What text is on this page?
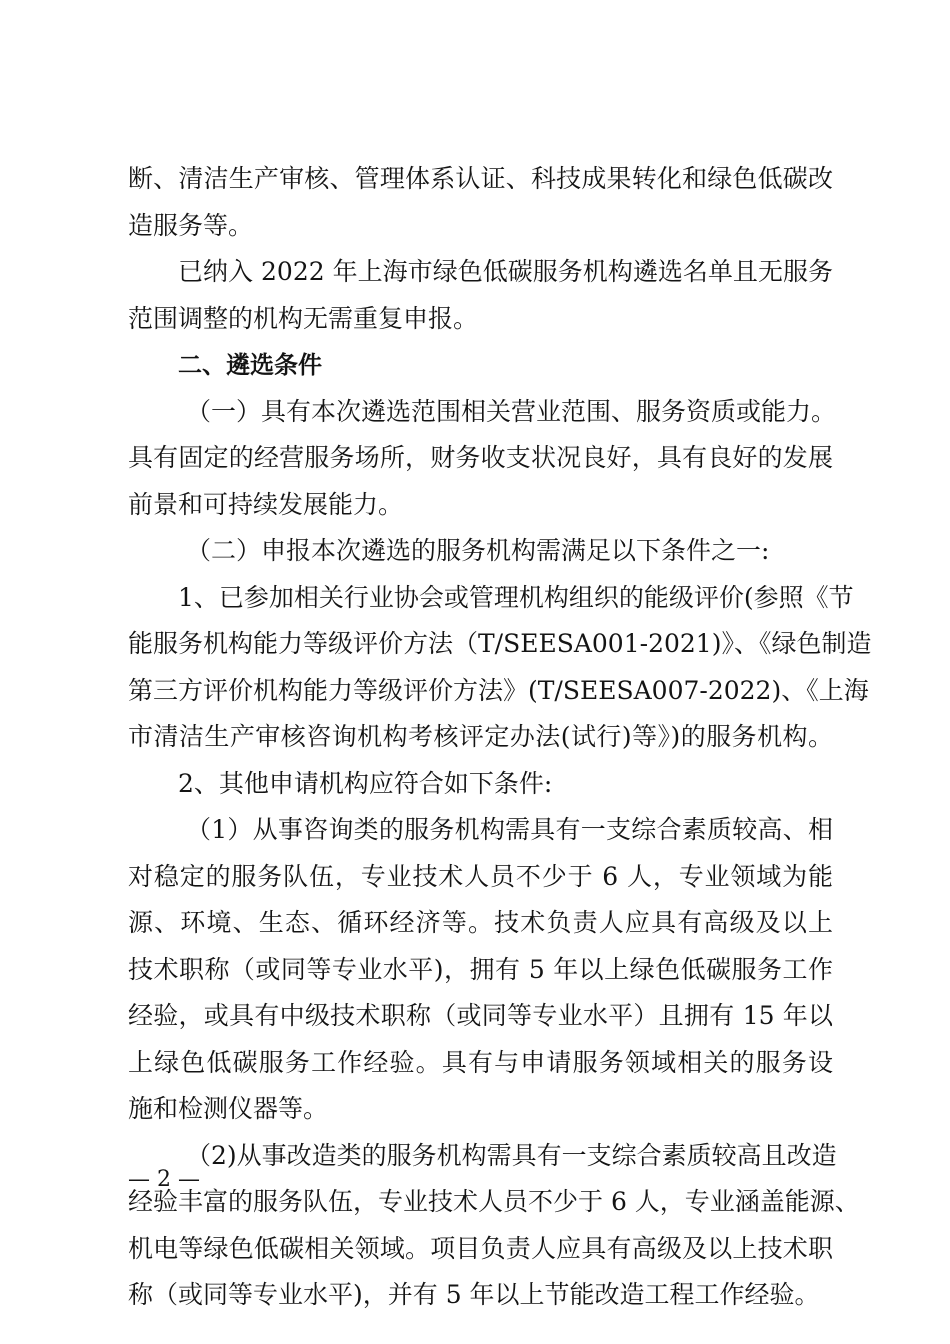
断、清洁生产审核、管理体系认证、科技成果转化和绿色低碳改
造服务等。
已纳入 2022 年上海市绿色低碳服务机构遴选名单且无服务
范围调整的机构无需重复申报。
二、遴选条件
（一）具有本次遴选范围相关营业范围、服务资质或能力。
具有固定的经营服务场所，财务收支状况良好，具有良好的发展
前景和可持续发展能力。
（二）申报本次遴选的服务机构需满足以下条件之一:
1、已参加相关行业协会或管理机构组织的能级评价(参照《节
能服务机构能力等级评价方法（T/SEESA001-2021)》、《绿色制造
第三方评价机构能力等级评价方法》(T/SEESA007-2022)、《上海
市清洁生产审核咨询机构考核评定办法(试行)等》)的服务机构。
2、其他申请机构应符合如下条件:
（1）从事咨询类的服务机构需具有一支综合素质较高、相
对稳定的服务队伍，专业技术人员不少于 6 人，专业领域为能
源、环境、生态、循环经济等。技术负责人应具有高级及以上
技术职称（或同等专业水平)，拥有 5 年以上绿色低碳服务工作
经验，或具有中级技术职称（或同等专业水平）且拥有 15 年以
上绿色低碳服务工作经验。具有与申请服务领域相关的服务设
施和检测仪器等。
（2)从事改造类的服务机构需具有一支综合素质较高且改造
经验丰富的服务队伍，专业技术人员不少于 6 人，专业涵盖能源、
机电等绿色低碳相关领域。项目负责人应具有高级及以上技术职
称（或同等专业水平)，并有 5 年以上节能改造工程工作经验。
— 2 —
